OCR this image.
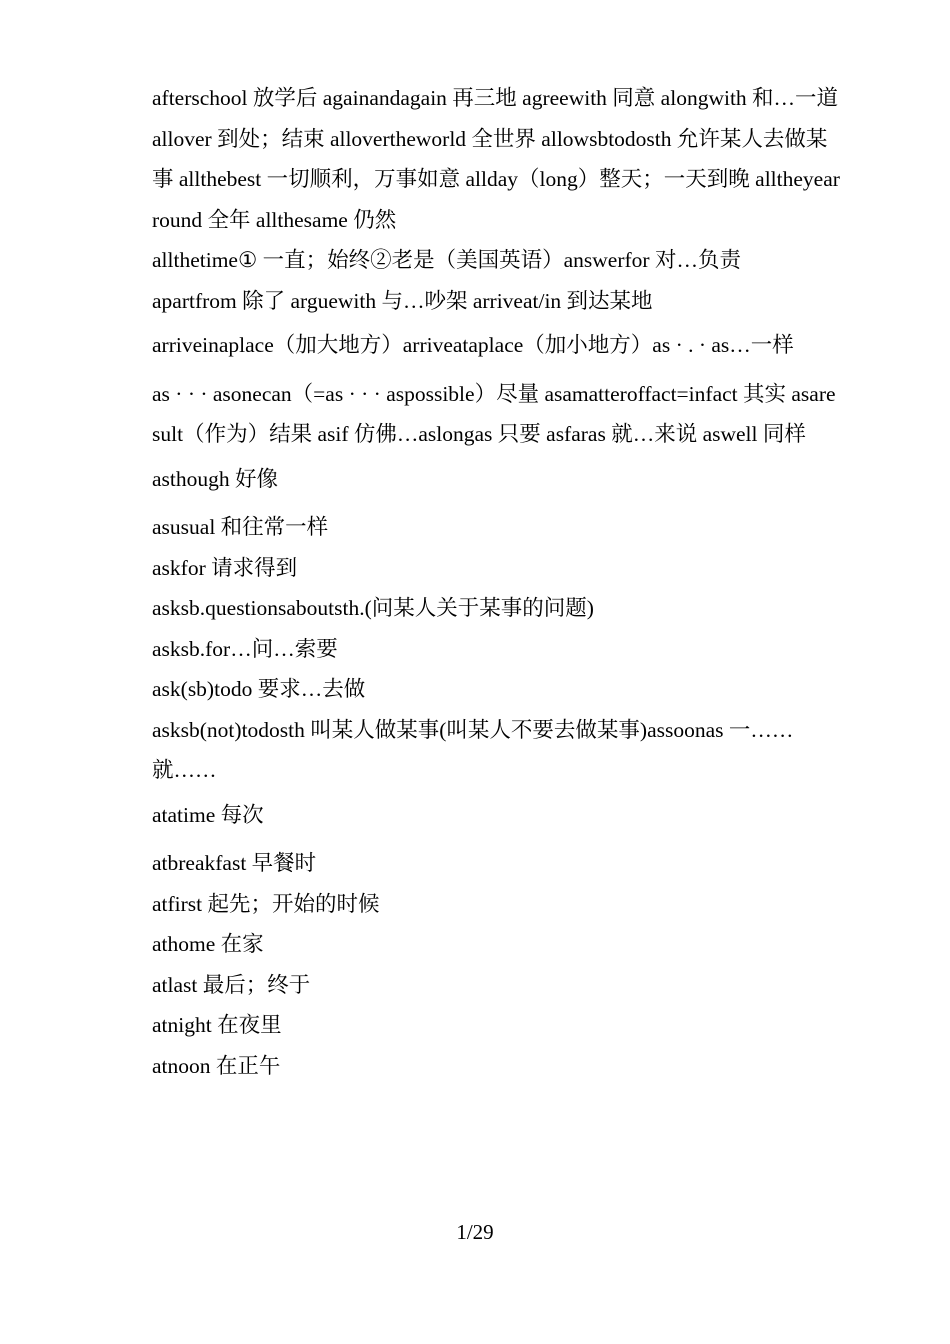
afterschool 放学后 againandagain 再三地 agreewith 同意 alongwith 和…一道 allover 到处；结束 allovertheworld 全世界 allowsbtodosth 允许某人去做某事 allthebest 一切顺利，万事如意 allday（long）整天；一天到晚 alltheyearround 全年 allthesame 仍然

allthetime① 一直；始终②老是（美国英语）answerfor 对…负责

apartfrom 除了 arguewith 与…吵架 arriveat/in 到达某地

arriveinaplace（加大地方）arriveataplace（加小地方）as · . · as…一样

as · · · asonecan（=as · · · aspossible）尽量 asamatteroffact=infact 其实 asaresult（作为）结果 asif 仿佛…aslongas 只要 asfaras 就…来说 aswell 同样

asthough 好像

asusual 和往常一样

askfor 请求得到

asksb.questionsaboutsth.(问某人关于某事的问题)

asksb.for…问…索要

ask(sb)todo 要求…去做

asksb(not)todosth 叫某人做某事(叫某人不要去做某事)assoonas 一……就……

atatime 每次

atbreakfast 早餐时

atfirst 起先；开始的时候

athome 在家

atlast 最后；终于

atnight 在夜里

atnoon 在正午

1/29
